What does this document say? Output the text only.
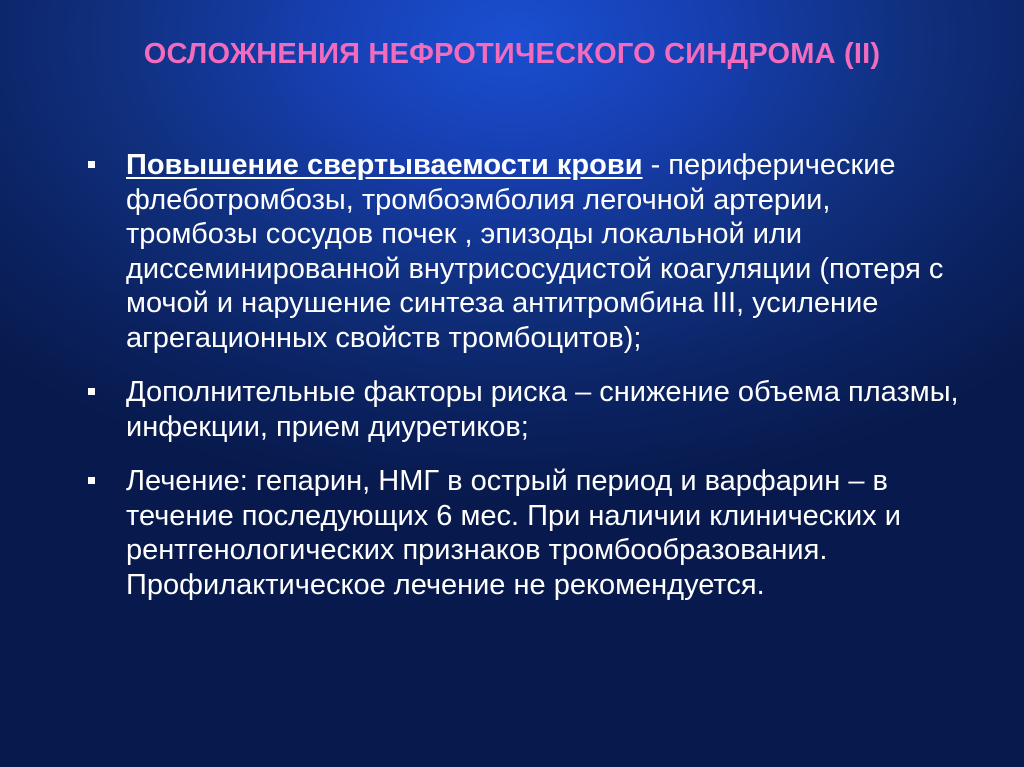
ОСЛОЖНЕНИЯ НЕФРОТИЧЕСКОГО СИНДРОМА (II)
Повышение свертываемости крови - периферические флеботромбозы, тромбоэмболия легочной артерии, тромбозы сосудов почек , эпизоды локальной или диссеминированной внутрисосудистой коагуляции (потеря с мочой и нарушение синтеза антитромбина III, усиление агрегационных свойств тромбоцитов);
Дополнительные факторы риска – снижение объема плазмы, инфекции, прием диуретиков;
Лечение: гепарин, НМГ в острый период и варфарин – в течение последующих 6 мес. При наличии клинических и рентгенологических признаков тромбообразования. Профилактическое лечение не рекомендуется.
